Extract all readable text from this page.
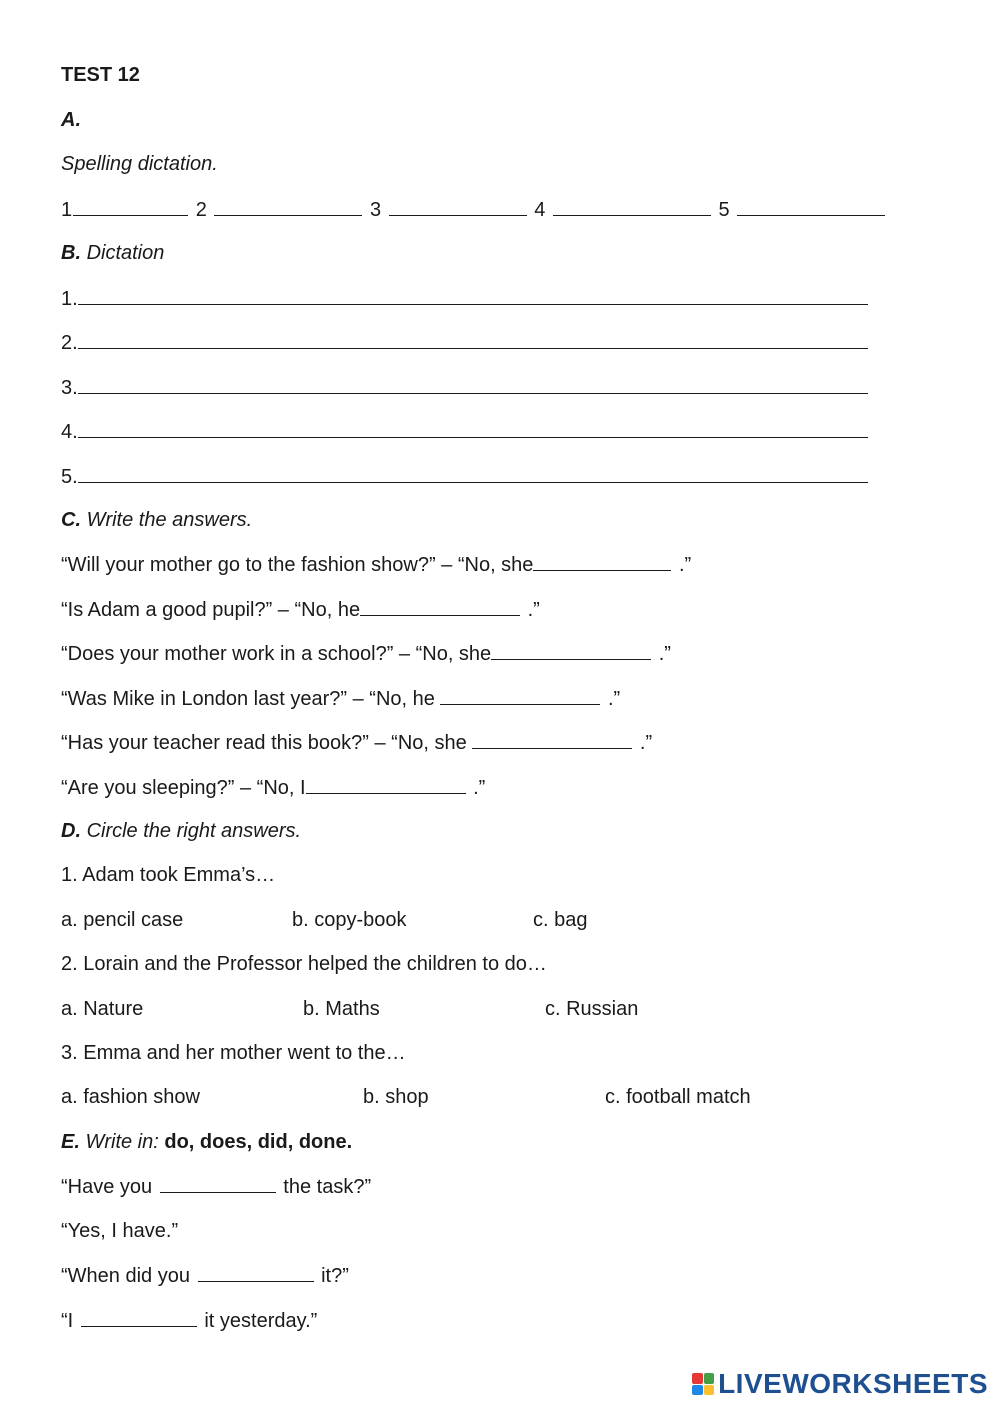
TEST 12
A.
Spelling dictation.
1	2	3	4	5
B. Dictation
1.
2.
3.
4.
5.
C. Write the answers.
“Will your mother go to the fashion show?” – “No, she	.”
“Is Adam a good pupil?” – “No, he	.”
“Does your mother work in a school?” – “No, she	.”
“Was Mike in London last year?” – “No, he	.”
“Has your teacher read this book?” – “No, she	.”
“Are you sleeping?” – “No, I	.”
D. Circle the right answers.
1. Adam took Emma’s…
a. pencil case	b. copy-book	c. bag
2. Lorain and the Professor helped the children to do…
a. Nature	b. Maths	c. Russian
3. Emma and her mother went to the…
a. fashion show	b. shop	c. football match
E. Write in: do, does, did, done.
“Have you	the task?”
“Yes, I have.”
“When did you	it?”
“I	it yesterday.”
LIVEWORKSHEETS
